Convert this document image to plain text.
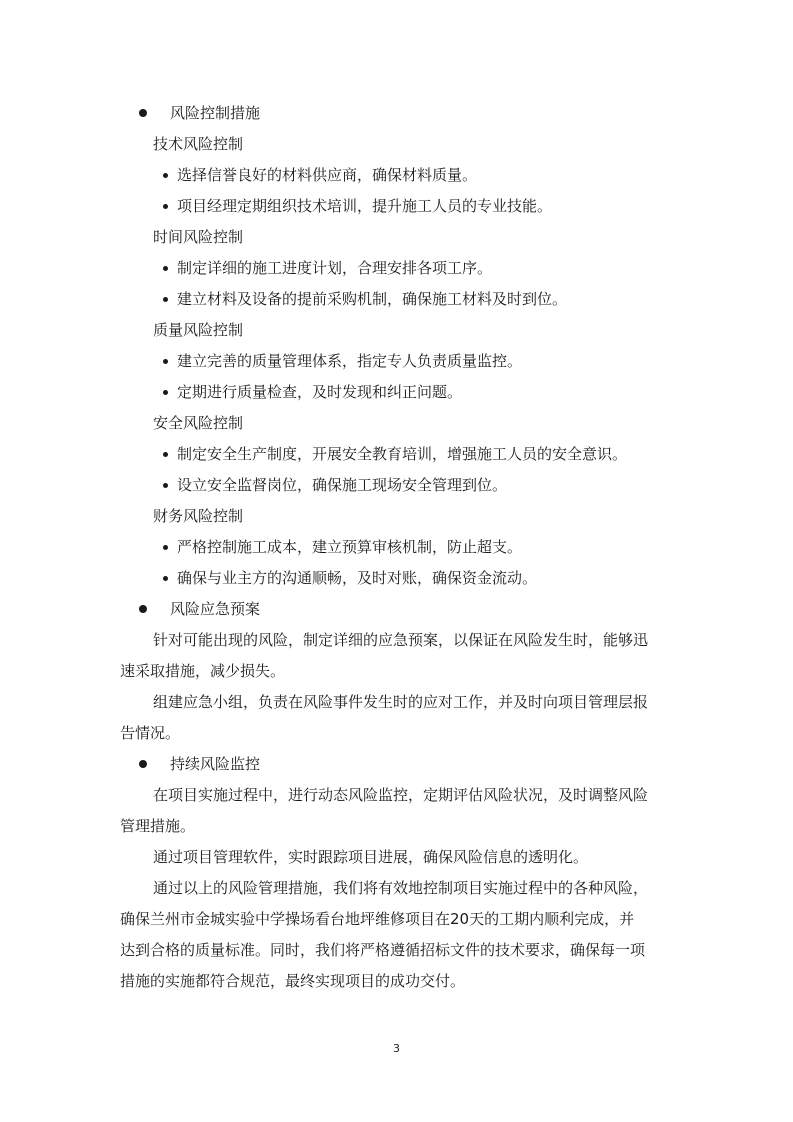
风险控制措施
技术风险控制
选择信誉良好的材料供应商，确保材料质量。
项目经理定期组织技术培训，提升施工人员的专业技能。
时间风险控制
制定详细的施工进度计划，合理安排各项工序。
建立材料及设备的提前采购机制，确保施工材料及时到位。
质量风险控制
建立完善的质量管理体系，指定专人负责质量监控。
定期进行质量检查，及时发现和纠正问题。
安全风险控制
制定安全生产制度，开展安全教育培训，增强施工人员的安全意识。
设立安全监督岗位，确保施工现场安全管理到位。
财务风险控制
严格控制施工成本，建立预算审核机制，防止超支。
确保与业主方的沟通顺畅，及时对账，确保资金流动。
风险应急预案
针对可能出现的风险，制定详细的应急预案，以保证在风险发生时，能够迅
速采取措施，减少损失。
组建应急小组，负责在风险事件发生时的应对工作，并及时向项目管理层报
告情况。
持续风险监控
在项目实施过程中，进行动态风险监控，定期评估风险状况，及时调整风险
管理措施。
通过项目管理软件，实时跟踪项目进展，确保风险信息的透明化。
通过以上的风险管理措施，我们将有效地控制项目实施过程中的各种风险，
确保兰州市金城实验中学操场看台地坪维修项目在20天的工期内顺利完成，并
达到合格的质量标准。同时，我们将严格遵循招标文件的技术要求，确保每一项
措施的实施都符合规范，最终实现项目的成功交付。
3
